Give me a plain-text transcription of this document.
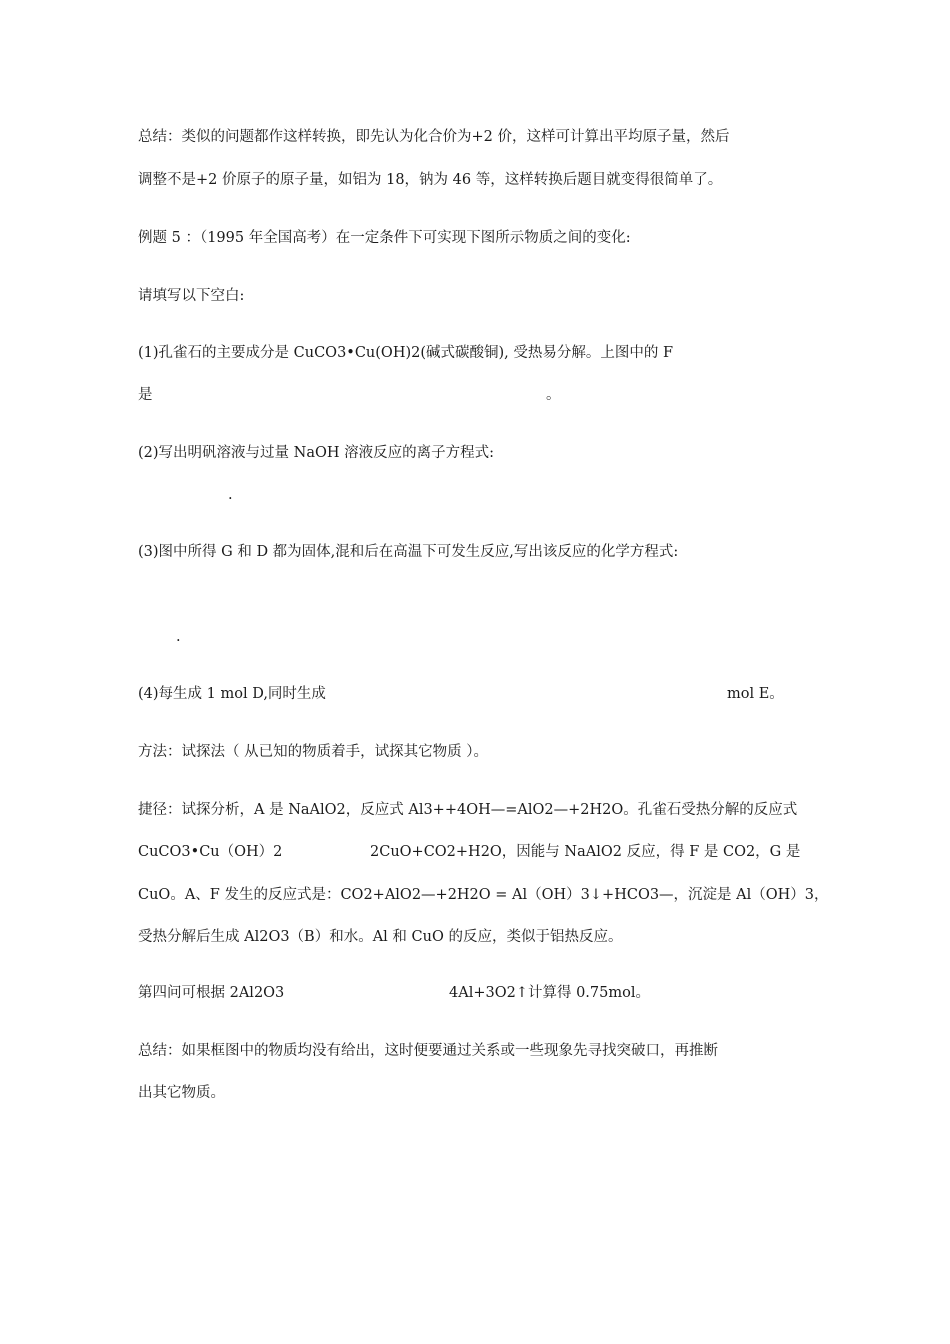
总结：类似的问题都作这样转换，即先认为化合价为+2 价，这样可计算出平均原子量，然后
调整不是+2 价原子的原子量，如铝为 18，钠为 46 等，这样转换后题目就变得很简单了。
例题 5 ：（1995 年全国高考）在一定条件下可实现下图所示物质之间的变化:
请填写以下空白:
(1)孔雀石的主要成分是 CuCO3•Cu(OH)2(碱式碳酸铜), 受热易分解。上图中的 F
是	。
(2)写出明矾溶液与过量 NaOH 溶液反应的离子方程式:
.
(3)图中所得 G 和 D 都为固体,混和后在高温下可发生反应,写出该反应的化学方程式:
.
(4)每生成 1 mol D,同时生成	mol E。
方法：试探法（ 从已知的物质着手，试探其它物质 ）。
捷径：试探分析，A 是 NaAlO2，反应式 Al3++4OH—=AlO2—+2H2O。孔雀石受热分解的反应式
CuCO3•Cu（OH）2	2CuO+CO2+H2O，因能与 NaAlO2 反应，得 F 是 CO2，G 是
CuO。A、F 发生的反应式是：CO2+AlO2—+2H2O = Al（OH）3↓+HCO3—，沉淀是 Al（OH）3，
受热分解后生成 Al2O3（B）和水。Al 和 CuO 的反应，类似于铝热反应。
第四问可根据 2Al2O3	4Al+3O2↑计算得 0.75mol。
总结：如果框图中的物质均没有给出，这时便要通过关系或一些现象先寻找突破口，再推断
出其它物质。
